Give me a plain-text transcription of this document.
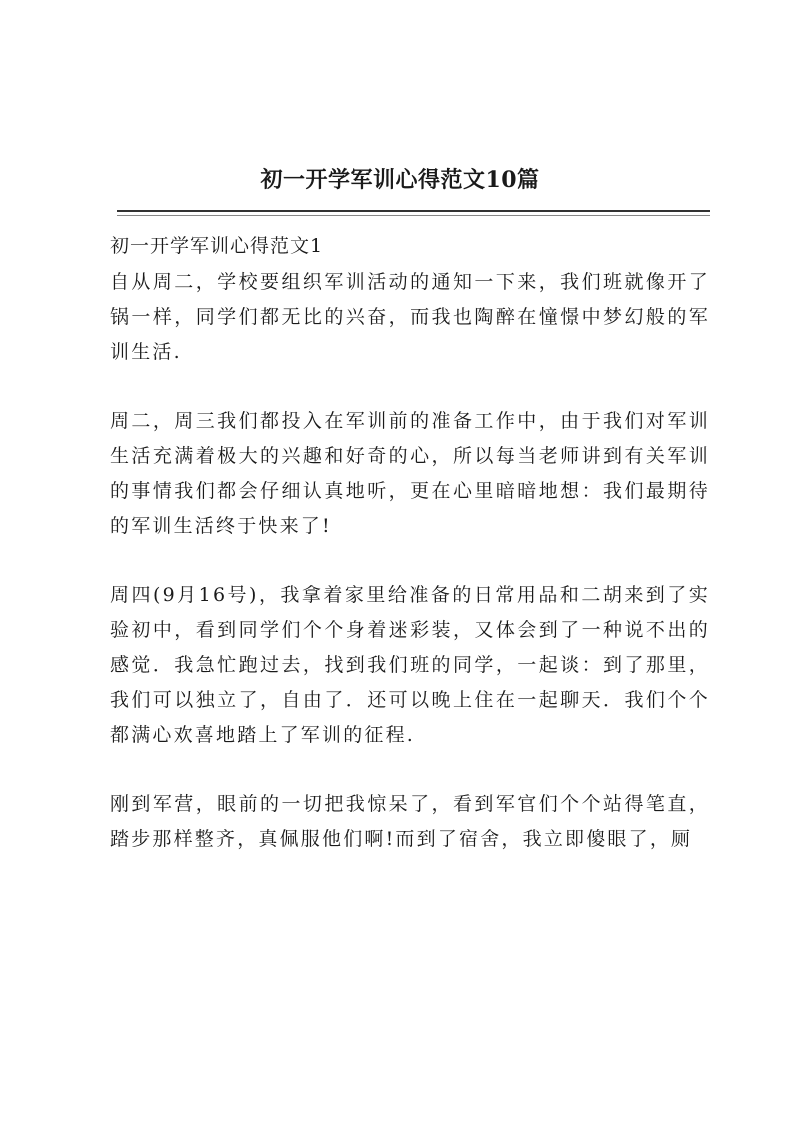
初一开学军训心得范文10篇

初一开学军训心得范文1

自从周二，学校要组织军训活动的通知一下来，我们班就像开了锅一样，同学们都无比的兴奋，而我也陶醉在憧憬中梦幻般的军训生活.

周二，周三我们都投入在军训前的准备工作中，由于我们对军训生活充满着极大的兴趣和好奇的心，所以每当老师讲到有关军训的事情我们都会仔细认真地听，更在心里暗暗地想：我们最期待的军训生活终于快来了!

周四(9月16号)，我拿着家里给准备的日常用品和二胡来到了实验初中，看到同学们个个身着迷彩装，又体会到了一种说不出的感觉．我急忙跑过去，找到我们班的同学，一起谈：到了那里，我们可以独立了，自由了．还可以晚上住在一起聊天．我们个个都满心欢喜地踏上了军训的征程.

刚到军营，眼前的一切把我惊呆了，看到军官们个个站得笔直，踏步那样整齐，真佩服他们啊!而到了宿舍，我立即傻眼了，厕
